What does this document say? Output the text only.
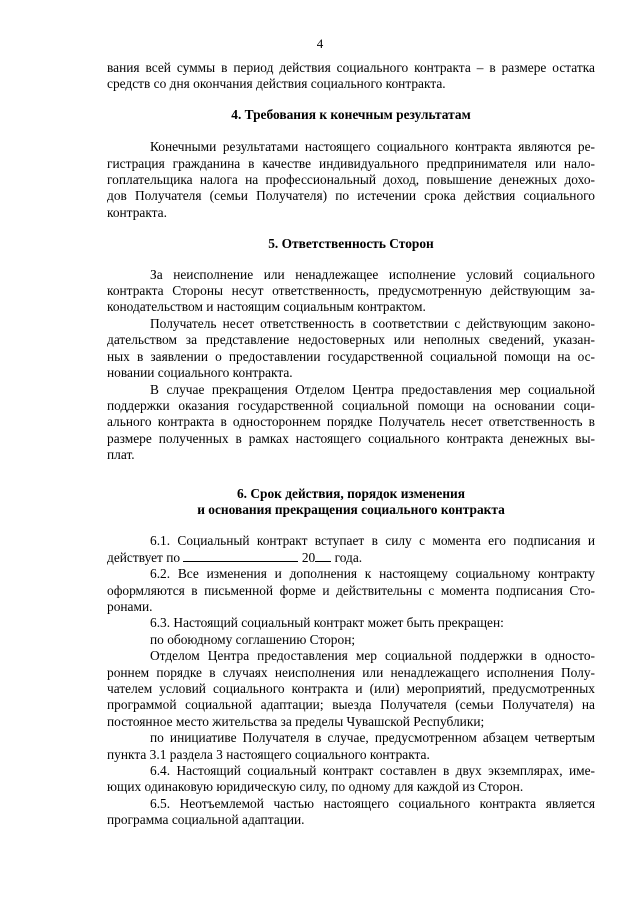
4
вания всей суммы в период действия социального контракта – в размере остатка
средств со дня окончания действия социального контракта.
4. Требования к конечным результатам
Конечными результатами настоящего социального контракта являются ре-
гистрация гражданина в качестве индивидуального предпринимателя или нало-
гоплательщика налога на профессиональный доход, повышение денежных дохо-
дов Получателя (семьи Получателя) по истечении срока действия социального
контракта.
5. Ответственность Сторон
За неисполнение или ненадлежащее исполнение условий социального
контракта Стороны несут ответственность, предусмотренную действующим за-
конодательством и настоящим социальным контрактом.
Получатель несет ответственность в соответствии с действующим законо-
дательством за представление недостоверных или неполных сведений, указан-
ных в заявлении о предоставлении государственной социальной помощи на ос-
новании социального контракта.
В случае прекращения Отделом Центра предоставления мер социальной
поддержки оказания государственной социальной помощи на основании соци-
ального контракта в одностороннем порядке Получатель несет ответственность в
размере полученных в рамках настоящего социального контракта денежных вы-
плат.
6. Срок действия, порядок изменения
и основания прекращения социального контракта
6.1. Социальный контракт вступает в силу с момента его подписания и
действует по	20 года.
6.2. Все изменения и дополнения к настоящему социальному контракту
оформляются в письменной форме и действительны с момента подписания Сто-
ронами.
6.3. Настоящий социальный контракт может быть прекращен:
по обоюдному соглашению Сторон;
Отделом Центра предоставления мер социальной поддержки в односто-
роннем порядке в случаях неисполнения или ненадлежащего исполнения Полу-
чателем условий социального контракта и (или) мероприятий, предусмотренных
программой социальной адаптации; выезда Получателя (семьи Получателя) на
постоянное место жительства за пределы Чувашской Республики;
по инициативе Получателя в случае, предусмотренном абзацем четвертым
пункта 3.1 раздела 3 настоящего социального контракта.
6.4. Настоящий социальный контракт составлен в двух экземплярах, име-
ющих одинаковую юридическую силу, по одному для каждой из Сторон.
6.5. Неотъемлемой частью настоящего социального контракта является
программа социальной адаптации.
